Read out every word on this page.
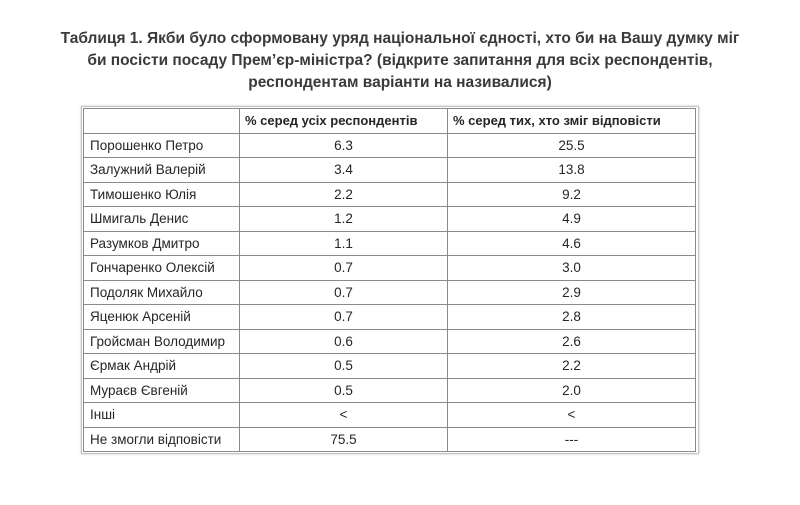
Таблиця 1. Якби було сформовану уряд національної єдності, хто би на Вашу думку міг
би посісти посаду Прем’єр-міністра? (відкрите запитання для всіх респондентів,
респондентам варіанти на називалися)
	% серед усіх респондентів	% серед тих, хто зміг відповісти
Порошенко Петро	6.3	25.5
Залужний Валерій	3.4	13.8
Тимошенко Юлія	2.2	9.2
Шмигаль Денис	1.2	4.9
Разумков Дмитро	1.1	4.6
Гончаренко Олексій	0.7	3.0
Подоляк Михайло	0.7	2.9
Яценюк Арсеній	0.7	2.8
Гройсман Володимир	0.6	2.6
Єрмак Андрій	0.5	2.2
Мураєв Євгеній	0.5	2.0
Інші	<	<
Не змогли відповісти	75.5	---
